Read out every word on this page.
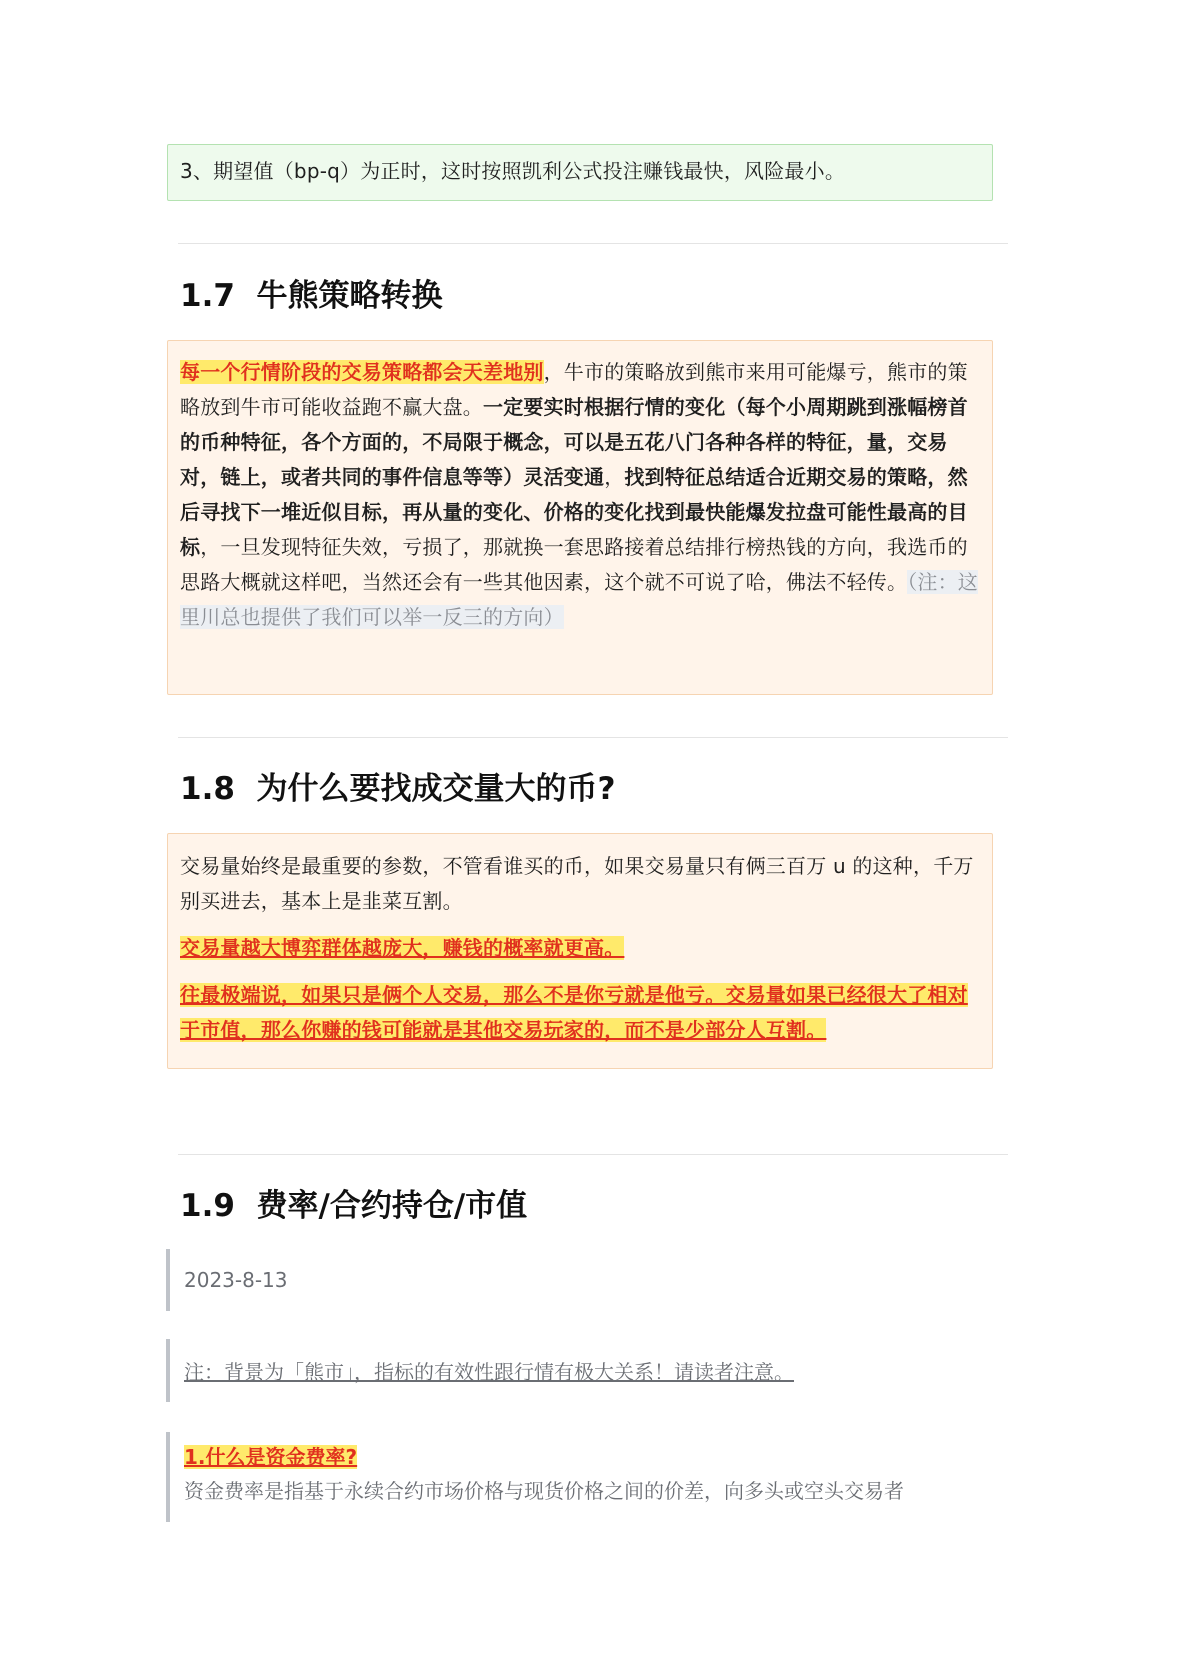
3、期望值（bp-q）为正时，这时按照凯利公式投注赚钱最快，风险最小。

1.7 牛熊策略转换

每一个行情阶段的交易策略都会天差地别，牛市的策略放到熊市来用可能爆亏，熊市的策略放到牛市可能收益跑不赢大盘。一定要实时根据行情的变化（每个小周期跳到涨幅榜首的币种特征，各个方面的，不局限于概念，可以是五花八门各种各样的特征，量，交易对，链上，或者共同的事件信息等等）灵活变通，找到特征总结适合近期交易的策略，然后寻找下一堆近似目标，再从量的变化、价格的变化找到最快能爆发拉盘可能性最高的目标，一旦发现特征失效，亏损了，那就换一套思路接着总结排行榜热钱的方向，我选币的思路大概就这样吧，当然还会有一些其他因素，这个就不可说了哈，佛法不轻传。（注：这里川总也提供了我们可以举一反三的方向）

1.8 为什么要找成交量大的币?

交易量始终是最重要的参数，不管看谁买的币，如果交易量只有俩三百万 u 的这种，千万别买进去，基本上是韭菜互割。

交易量越大博弈群体越庞大，赚钱的概率就更高。

往最极端说，如果只是俩个人交易，那么不是你亏就是他亏。交易量如果已经很大了相对于市值，那么你赚的钱可能就是其他交易玩家的，而不是少部分人互割。

1.9 费率/合约持仓/市值

2023-8-13

注：背景为「熊市」，指标的有效性跟行情有极大关系！请读者注意。

1.什么是资金费率?

资金费率是指基于永续合约市场价格与现货价格之间的价差，向多头或空头交易者
